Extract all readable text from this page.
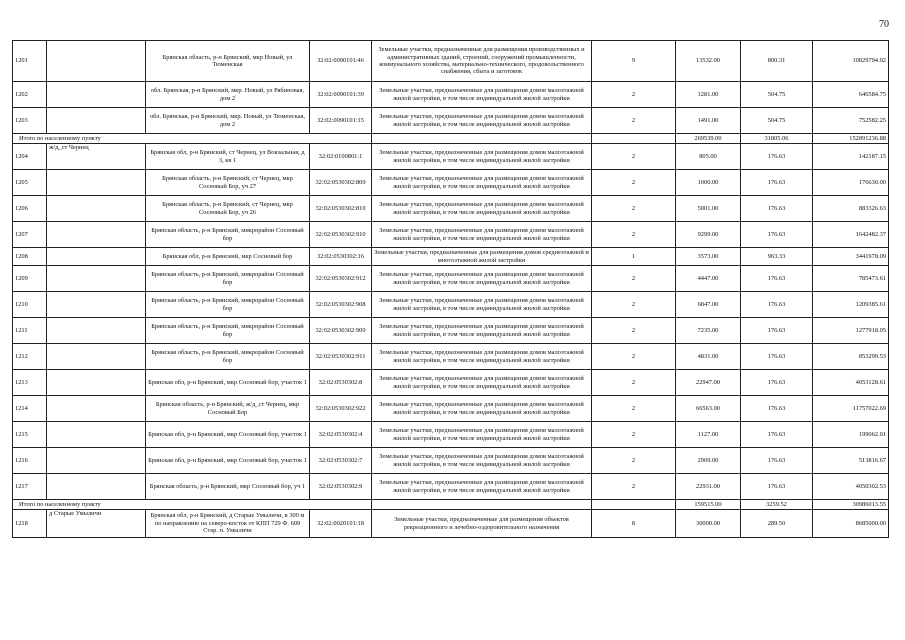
70
1201		Брянская область, р-н Брянский, мкр Новый, ул Тюменская	32:02:0090101:46	Земельные участки, предназначенные для размещения производственных и административных зданий, строений, сооружений промышленности, коммунального хозяйства, материально-технического, продовольственного снабжения, сбыта и заготовок	9	13532.00	800.31	10829794.92
1202		обл. Брянская, р-н Брянский, мкр. Новый, ул Рябиновая, дом 2	32:02:0090101:39	Земельные участки, предназначенные для размещения домов малоэтажной жилой застройки, в том числе индивидуальной жилой застройки	2	1281.00	504.75	646584.75
1203		обл. Брянская, р-н Брянский, мкр. Новый, ул Тюменская, дом 2	32:02:0090101:15	Земельные участки, предназначенные для размещения домов малоэтажной жилой застройки, в том числе индивидуальной жилой застройки	2	1491.00	504.75	752582.25
Итого по населенному пункту						269539.00	31805.06	152891236.88
1204	ж/д_ст Чернец	Брянская обл, р-н Брянский, ст Чернец, ул Вокзальная, д 3, кв 1	32:02:0100801:1	Земельные участки, предназначенные для размещения домов малоэтажной жилой застройки, в том числе индивидуальной жилой застройки	2	805.00	176.63	142187.15
1205		Брянская область, р-н Брянский, ст Чернец, мкр Сосновый Бор, уч 27	32:02:0530302:809	Земельные участки, предназначенные для размещения домов малоэтажной жилой застройки, в том числе индивидуальной жилой застройки	2	1000.00	176.63	176630.00
1206		Брянская область, р-н Брянский, ст Чернец, мкр Сосновый Бор, уч 26	32:02:0530302:810	Земельные участки, предназначенные для размещения домов малоэтажной жилой застройки, в том числе индивидуальной жилой застройки	2	5001.00	176.63	883326.63
1207		Брянская область, р-н Брянский, микрорайон Сосновый бор	32:02:0530302:910	Земельные участки, предназначенные для размещения домов малоэтажной жилой застройки, в том числе индивидуальной жилой застройки	2	9299.00	176.63	1642482.37
1208		Брянская обл, р-н Брянский, мкр Сосновый бор	32:02:0530302:16	Земельные участки, предназначенные для размещения домов среднеэтажной и многоэтажной жилой застройки	1	3573.00	963.33	3441978.09
1209		Брянская область, р-н Брянский, микрорайон Сосновый бор	32:02:0530302:912	Земельные участки, предназначенные для размещения домов малоэтажной жилой застройки, в том числе индивидуальной жилой застройки	2	4447.00	176.63	785473.61
1210		Брянская область, р-н Брянский, микрорайон Сосновый бор	32:02:0530302:908	Земельные участки, предназначенные для размещения домов малоэтажной жилой застройки, в том числе индивидуальной жилой застройки	2	6847.00	176.63	1209385.61
1211		Брянская область, р-н Брянский, микрорайон Сосновый бор	32:02:0530302:909	Земельные участки, предназначенные для размещения домов малоэтажной жилой застройки, в том числе индивидуальной жилой застройки	2	7235.00	176.63	1277918.05
1212		Брянская область, р-н Брянский, микрорайон Сосновый бор	32:02:0530302:911	Земельные участки, предназначенные для размещения домов малоэтажной жилой застройки, в том числе индивидуальной жилой застройки	2	4831.00	176.63	853299.53
1213		Брянская обл, р-н Брянский, мкр Сосновый бор, участок 1	32:02:0530302:8	Земельные участки, предназначенные для размещения домов малоэтажной жилой застройки, в том числе индивидуальной жилой застройки	2	22947.00	176.63	4053128.61
1214		Брянская область, р-н Брянский, ж/д_ст Чернец, мкр Сосновый Бор	32:02:0530302:922	Земельные участки, предназначенные для размещения домов малоэтажной жилой застройки, в том числе индивидуальной жилой застройки	2	66563.00	176.63	11757022.69
1215		Брянская обл, р-н Брянский, мкр Сосновый бор, участок 1	32:02:0530302:4	Земельные участки, предназначенные для размещения домов малоэтажной жилой застройки, в том числе индивидуальной жилой застройки	2	1127.00	176.63	199062.01
1216		Брянская обл, р-н Брянский, мкр Сосновый бор, участок 1	32:02:0530302:7	Земельные участки, предназначенные для размещения домов малоэтажной жилой застройки, в том числе индивидуальной жилой застройки	2	2909.00	176.63	513816.67
1217		Брянская область, р-н Брянский, мкр Сосновый бор, уч 1	32:02:0530302:9	Земельные участки, предназначенные для размещения домов малоэтажной жилой застройки, в том числе индивидуальной жилой застройки	2	22931.00	176.63	4050302.53
Итого по населенному пункту						159515.00	3259.52	30986013.55
1218	д Старые Умыличи	Брянская обл, р-н Брянский, д Старые Умыличи, в 300 м по направлению на северо-восток от КПП 729 Ф. 609 Стар. п. Умыличи	32:02:0020101:18	Земельные участки, предназначенные для размещения объектов рекреационного и лечебно-оздоровительного назначения	8	30000.00	289.50	8685000.00
